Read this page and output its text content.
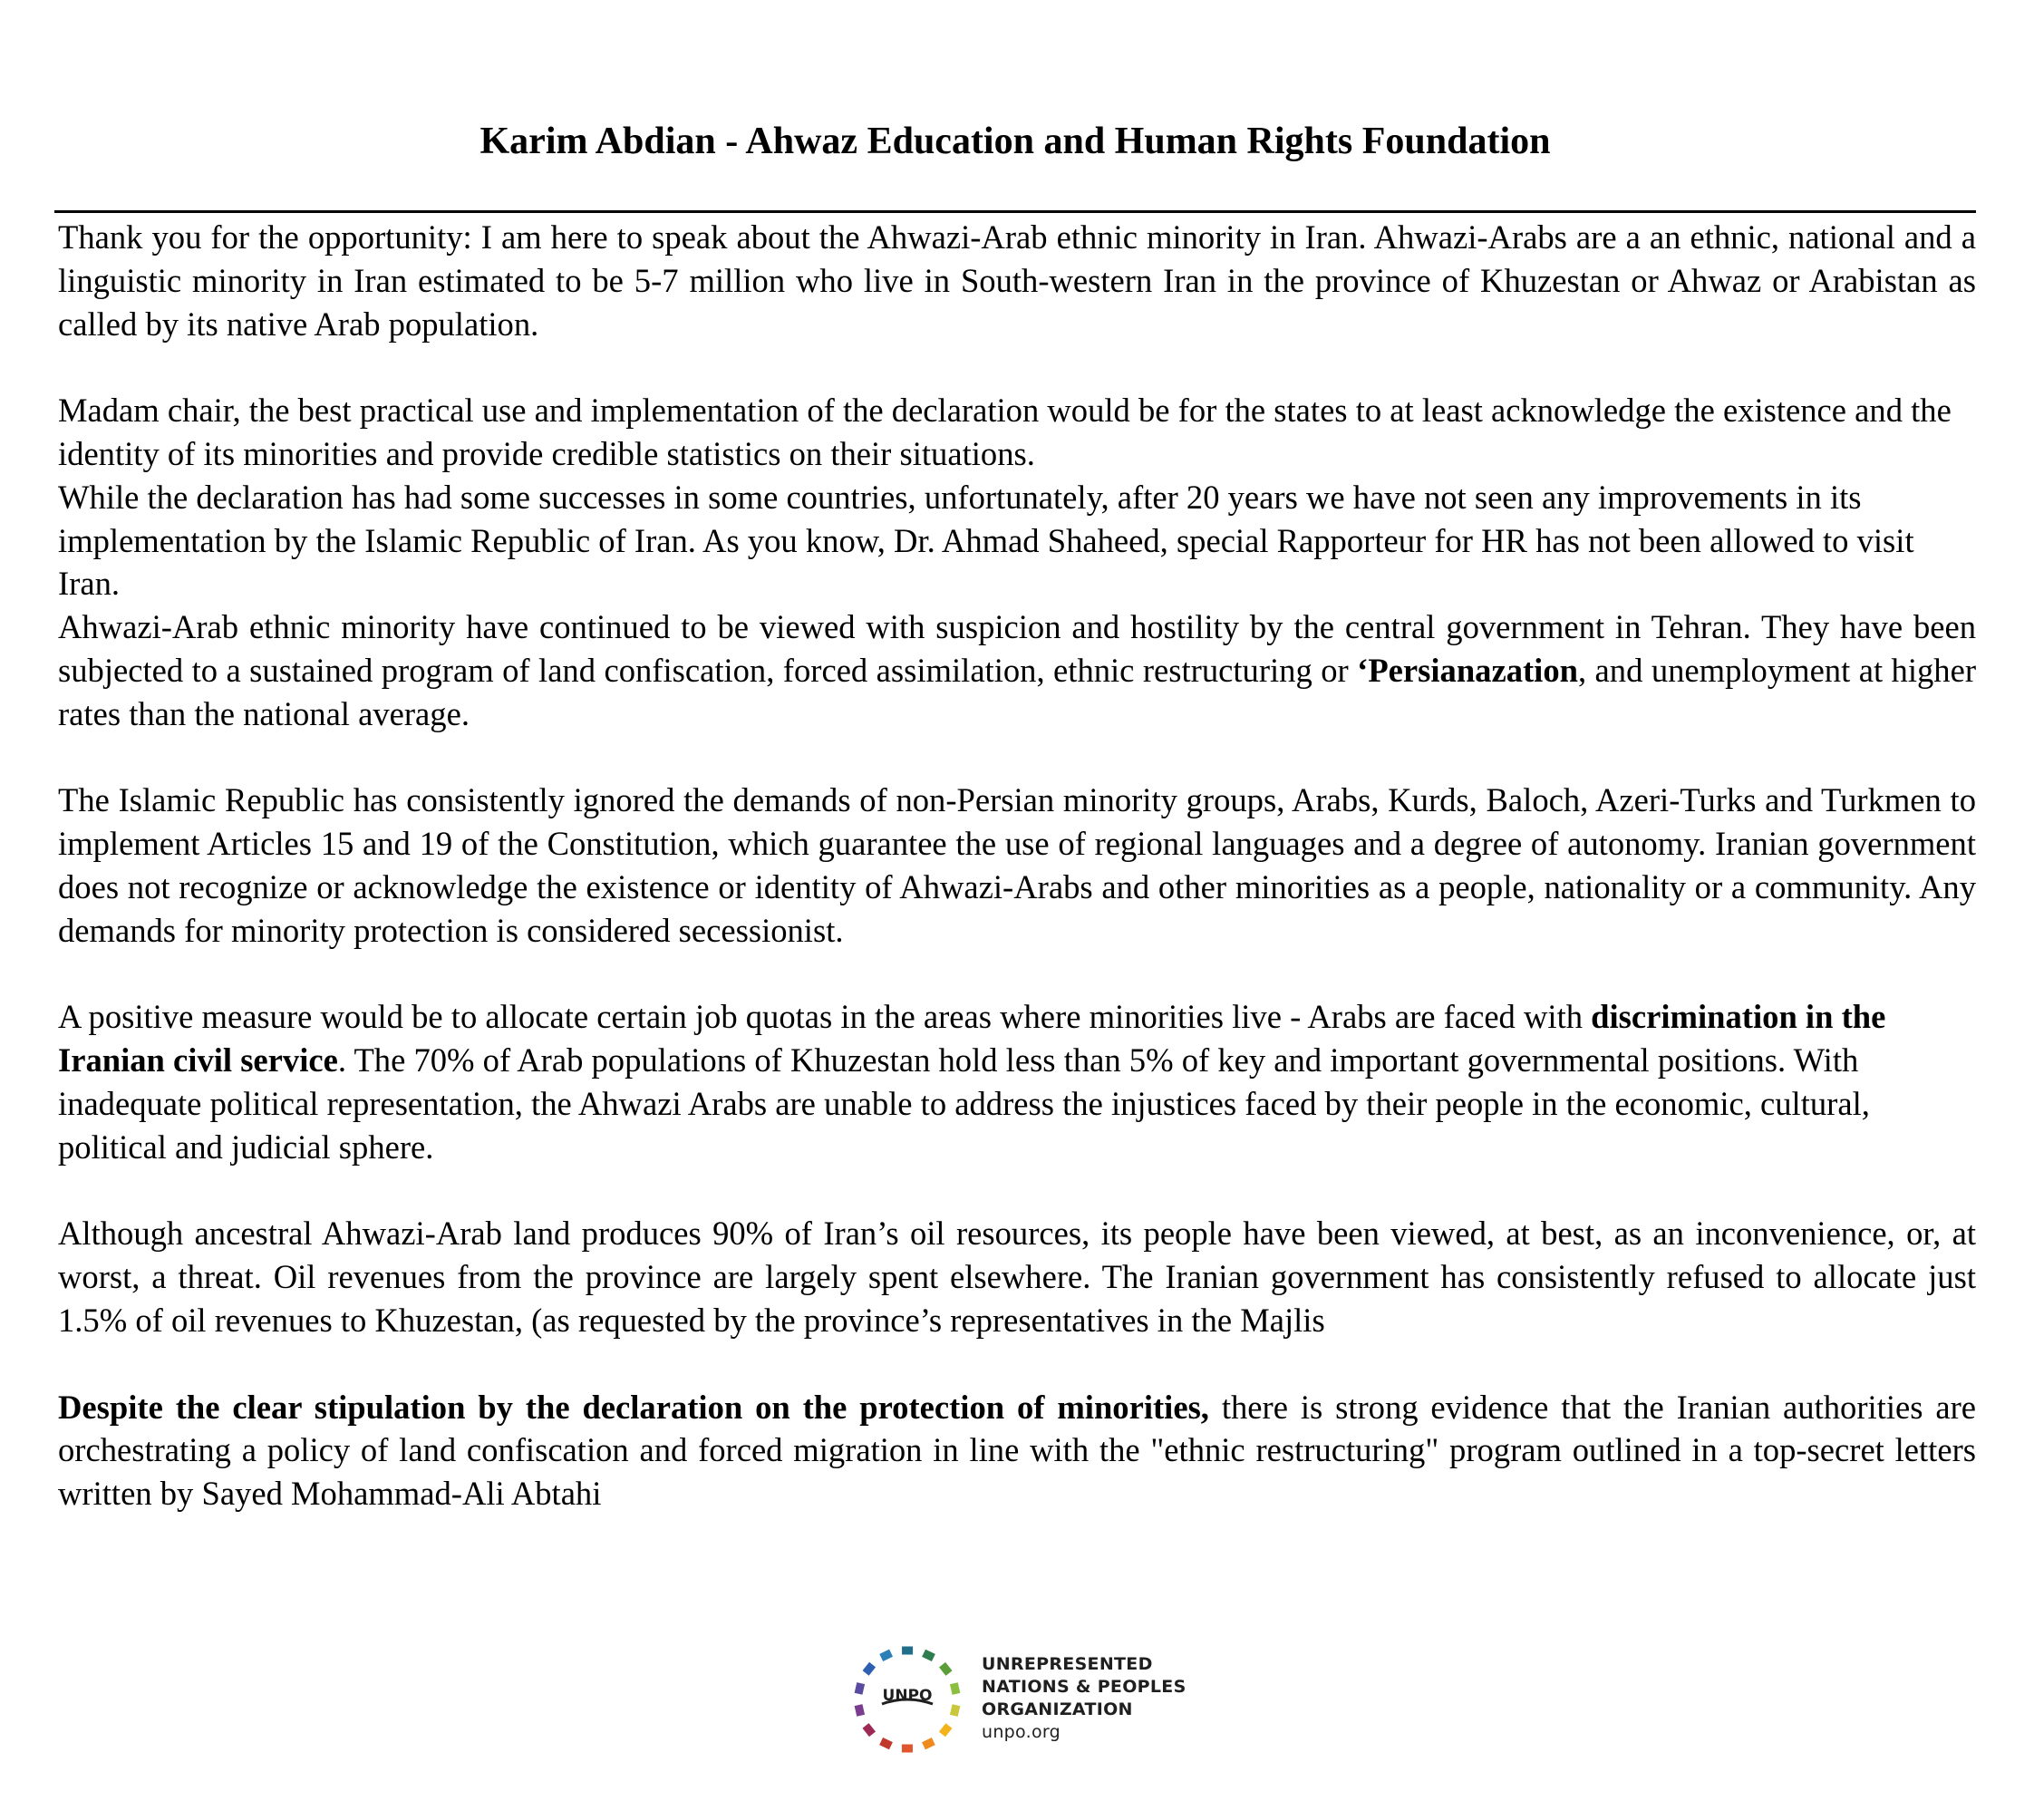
Karim Abdian - Ahwaz Education and Human Rights Foundation

Thank you for the opportunity: I am here to speak about the Ahwazi-Arab ethnic minority in Iran. Ahwazi-Arabs are a an ethnic, national and a linguistic minority in Iran estimated to be 5-7 million who live in South-western Iran in the province of Khuzestan or Ahwaz or Arabistan as called by its native Arab population.

Madam chair, the best practical use and implementation of the declaration would be for the states to at least acknowledge the existence and the identity of its minorities and provide credible statistics on their situations.

While the declaration has had some successes in some countries, unfortunately, after 20 years we have not seen any improvements in its implementation by the Islamic Republic of Iran. As you know, Dr. Ahmad Shaheed, special Rapporteur for HR has not been allowed to visit Iran.

Ahwazi-Arab ethnic minority have continued to be viewed with suspicion and hostility by the central government in Tehran. They have been subjected to a sustained program of land confiscation, forced assimilation, ethnic restructuring or ‘Persianazation, and unemployment at higher rates than the national average.

The Islamic Republic has consistently ignored the demands of non-Persian minority groups, Arabs, Kurds, Baloch, Azeri-Turks and Turkmen to implement Articles 15 and 19 of the Constitution, which guarantee the use of regional languages and a degree of autonomy. Iranian government does not recognize or acknowledge the existence or identity of Ahwazi-Arabs and other minorities as a people, nationality or a community. Any demands for minority protection is considered secessionist.

A positive measure would be to allocate certain job quotas in the areas where minorities live - Arabs are faced with discrimination in the Iranian civil service. The 70% of Arab populations of Khuzestan hold less than 5% of key and important governmental positions. With inadequate political representation, the Ahwazi Arabs are unable to address the injustices faced by their people in the economic, cultural, political and judicial sphere.

Although ancestral Ahwazi-Arab land produces 90% of Iran’s oil resources, its people have been viewed, at best, as an inconvenience, or, at worst, a threat. Oil revenues from the province are largely spent elsewhere. The Iranian government has consistently refused to allocate just 1.5% of oil revenues to Khuzestan, (as requested by the province’s representatives in the Majlis

Despite the clear stipulation by the declaration on the protection of minorities, there is strong evidence that the Iranian authorities are orchestrating a policy of land confiscation and forced migration in line with the "ethnic restructuring" program outlined in a top-secret letters written by Sayed Mohammad-Ali Abtahi

UNPO
UNREPRESENTED
NATIONS & PEOPLES
ORGANIZATION
unpo.org
